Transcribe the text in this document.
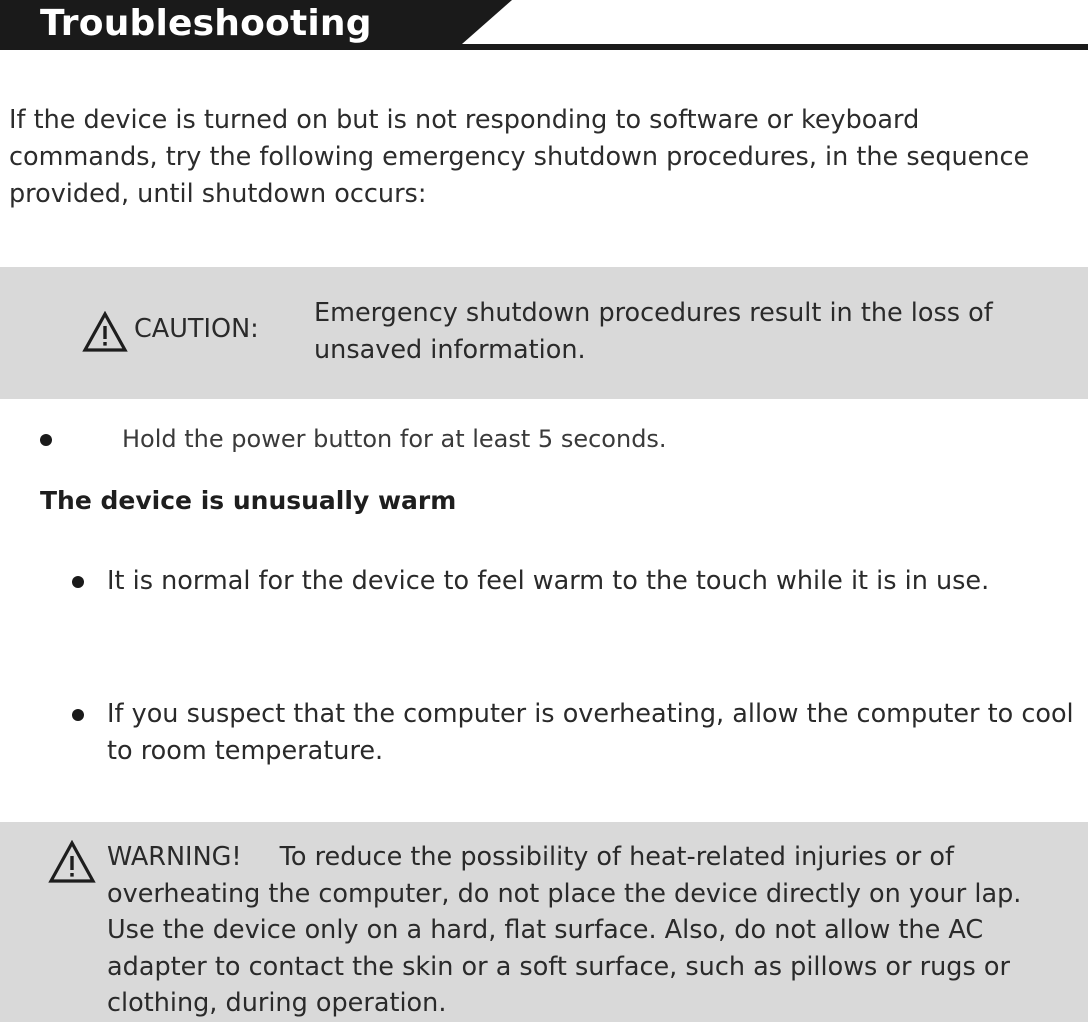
Troubleshooting

If the device is turned on but is not responding to software or keyboard commands, try the following emergency shutdown procedures, in the sequence provided, until shutdown occurs:

CAUTION:

Emergency shutdown procedures result in the loss of unsaved information.

Hold the power button for at least 5 seconds.
The device is unusually warm
It is normal for the device to feel warm to the touch while it is in use.

If you suspect that the computer is overheating, allow the computer to cool to room temperature.

WARNING! To reduce the possibility of heat-related injuries or of overheating the computer, do not place the device directly on your lap. Use the device only on a hard, flat surface. Also, do not allow the AC adapter to contact the skin or a soft surface, such as pillows or rugs or clothing, during operation.
